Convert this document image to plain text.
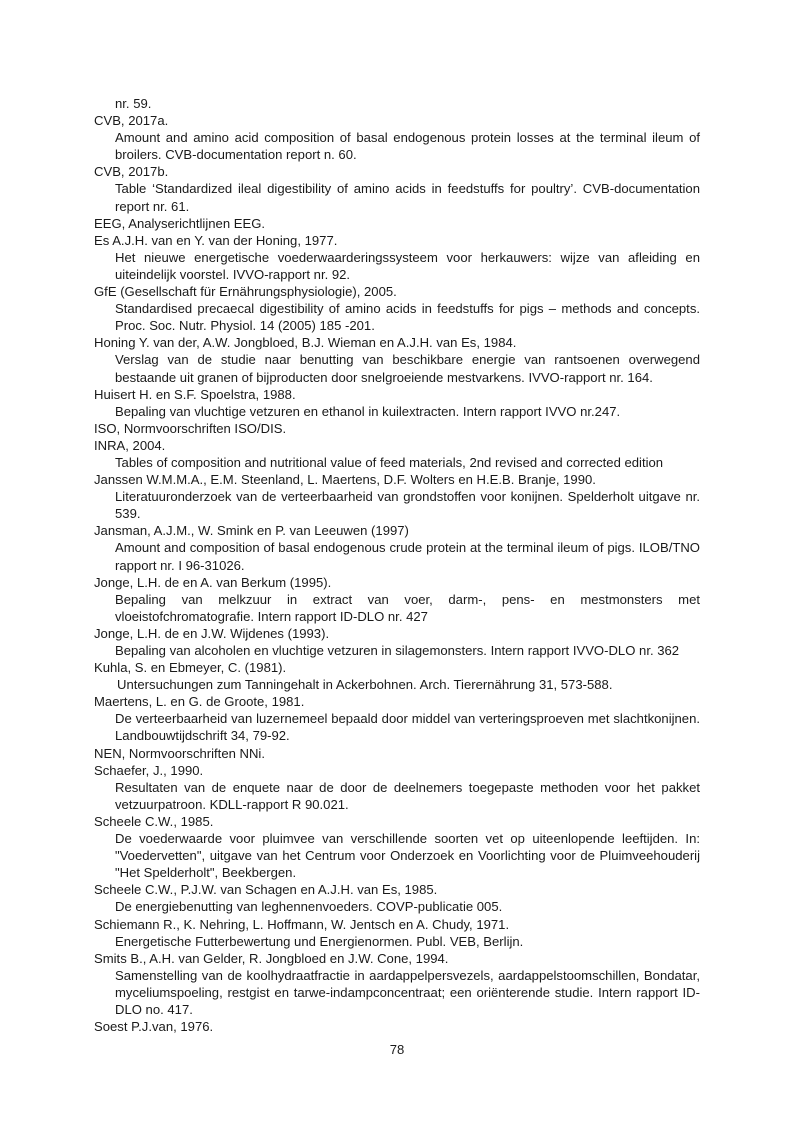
nr. 59.
CVB, 2017a.
Amount and amino acid composition of basal endogenous protein losses at the terminal ileum of broilers. CVB-documentation report n. 60.
CVB, 2017b.
Table ‘Standardized ileal digestibility of amino acids in feedstuffs for poultry’. CVB-documentation report nr. 61.
EEG, Analyserichtlijnen EEG.
Es A.J.H. van en Y. van der Honing, 1977.
Het nieuwe energetische voederwaarderingssysteem voor herkauwers: wijze van afleiding en uiteindelijk voorstel. IVVO-rapport nr. 92.
GfE (Gesellschaft für Ernährungsphysiologie), 2005.
Standardised precaecal digestibility of amino acids in feedstuffs for pigs – methods and concepts. Proc. Soc. Nutr. Physiol. 14 (2005) 185 -201.
Honing Y. van der, A.W. Jongbloed, B.J. Wieman en A.J.H. van Es, 1984.
Verslag van de studie naar benutting van beschikbare energie van rantsoenen overwegend bestaande uit granen of bijproducten door snelgroeiende mestvarkens. IVVO-rapport nr. 164.
Huisert H. en S.F. Spoelstra, 1988.
Bepaling van vluchtige vetzuren en ethanol in kuilextracten. Intern rapport IVVO nr.247.
ISO, Normvoorschriften ISO/DIS.
INRA, 2004.
Tables of composition and nutritional value of feed materials, 2nd revised and corrected edition
Janssen W.M.M.A., E.M. Steenland, L. Maertens, D.F. Wolters en H.E.B. Branje, 1990.
Literatuuronderzoek van de verteerbaarheid van grondstoffen voor konijnen. Spelderholt uitgave nr. 539.
Jansman, A.J.M., W. Smink en P. van Leeuwen (1997)
Amount and composition of basal endogenous crude protein at the terminal ileum of pigs. ILOB/TNO rapport nr. I 96-31026.
Jonge, L.H. de en A. van Berkum (1995).
Bepaling van melkzuur in extract van voer, darm-, pens- en mestmonsters met vloeistofchromatografie. Intern rapport ID-DLO nr. 427
Jonge, L.H. de en J.W. Wijdenes (1993).
Bepaling van alcoholen en vluchtige vetzuren in silagemonsters. Intern rapport IVVO-DLO nr. 362
Kuhla, S. en Ebmeyer, C. (1981).
Untersuchungen zum Tanningehalt in Ackerbohnen. Arch. Tierernährung 31, 573-588.
Maertens, L. en G. de Groote, 1981.
De verteerbaarheid van luzernemeel bepaald door middel van verteringsproeven met slachtkonijnen. Landbouwtijdschrift 34, 79-92.
NEN, Normvoorschriften NNi.
Schaefer, J., 1990.
Resultaten van de enquete naar de door de deelnemers toegepaste methoden voor het pakket vetzuurpatroon. KDLL-rapport R 90.021.
Scheele C.W., 1985.
De voederwaarde voor pluimvee van verschillende soorten vet op uiteenlopende leeftijden. In: "Voedervetten", uitgave van het Centrum voor Onderzoek en Voorlichting voor de Pluimveehouderij "Het Spelderholt", Beekbergen.
Scheele C.W., P.J.W. van Schagen en A.J.H. van Es, 1985.
De energiebenutting van leghennenvoeders. COVP-publicatie 005.
Schiemann R., K. Nehring, L. Hoffmann, W. Jentsch en A. Chudy, 1971.
Energetische Futterbewertung und Energienormen. Publ. VEB, Berlijn.
Smits B., A.H. van Gelder, R. Jongbloed en J.W. Cone, 1994.
Samenstelling van de koolhydraatfractie in aardappelpersvezels, aardappelstoomschillen, Bondatar, myceliumspoeling, restgist en tarwe-indampconcentraat; een oriënterende studie. Intern rapport ID-DLO no. 417.
Soest P.J.van, 1976.
78
